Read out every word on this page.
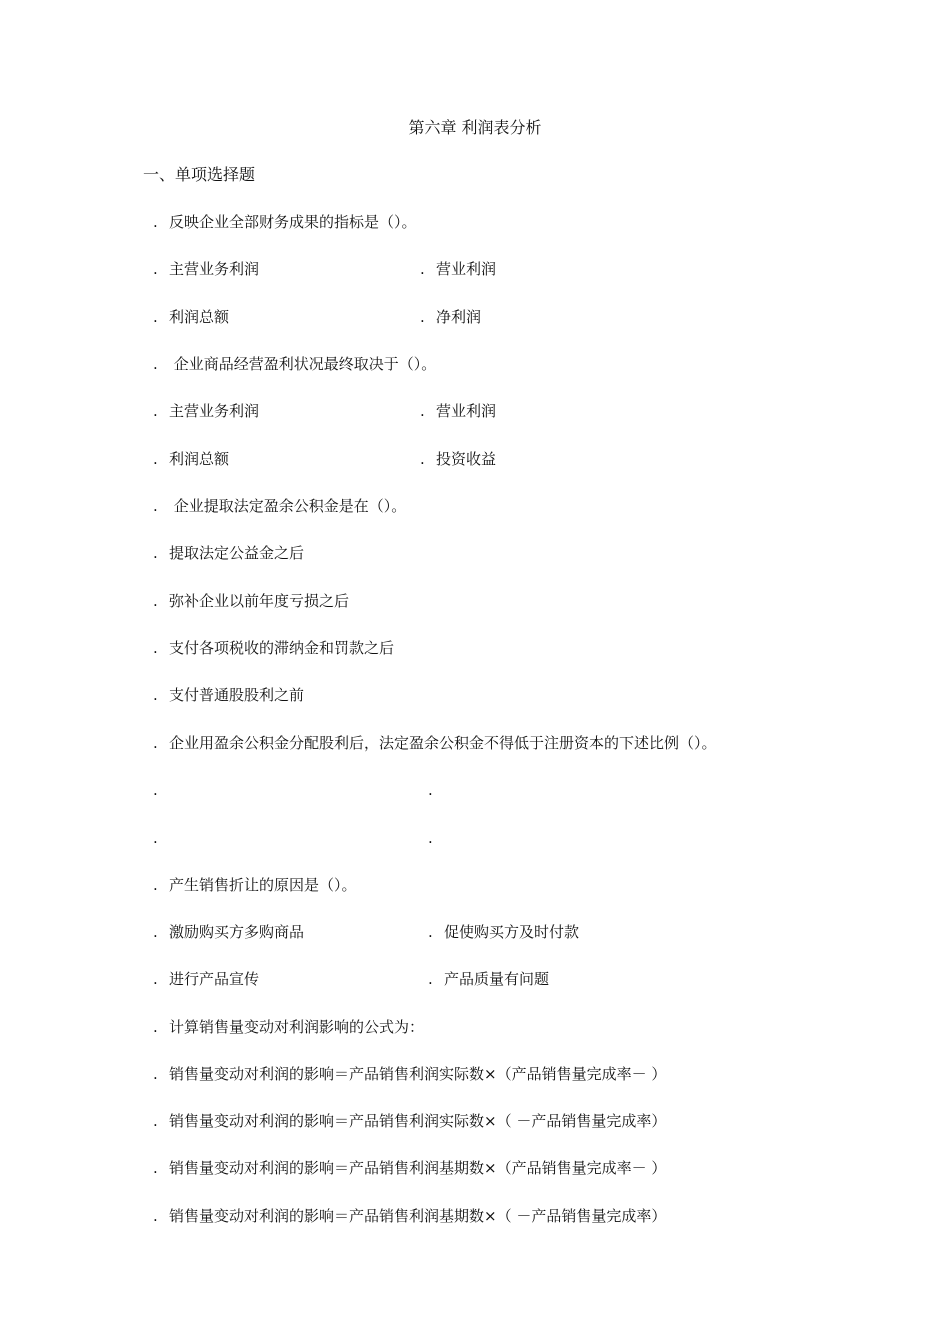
第六章 利润表分析
一、单项选择题
. 反映企业全部财务成果的指标是（）。
. 主营业务利润	. 营业利润
. 利润总额	. 净利润
. 企业商品经营盈利状况最终取决于（）。
. 主营业务利润	. 营业利润
. 利润总额	. 投资收益
. 企业提取法定盈余公积金是在（）。
. 提取法定公益金之后
. 弥补企业以前年度亏损之后
. 支付各项税收的滞纳金和罚款之后
. 支付普通股股利之前
. 企业用盈余公积金分配股利后，法定盈余公积金不得低于注册资本的下述比例（）。
.	.
.	.
. 产生销售折让的原因是（）。
. 激励购买方多购商品	. 促使购买方及时付款
. 进行产品宣传	. 产品质量有问题
. 计算销售量变动对利润影响的公式为：
. 销售量变动对利润的影响＝产品销售利润实际数×（产品销售量完成率－ ）
. 销售量变动对利润的影响＝产品销售利润实际数×（ －产品销售量完成率）
. 销售量变动对利润的影响＝产品销售利润基期数×（产品销售量完成率－ ）
. 销售量变动对利润的影响＝产品销售利润基期数×（ －产品销售量完成率）
